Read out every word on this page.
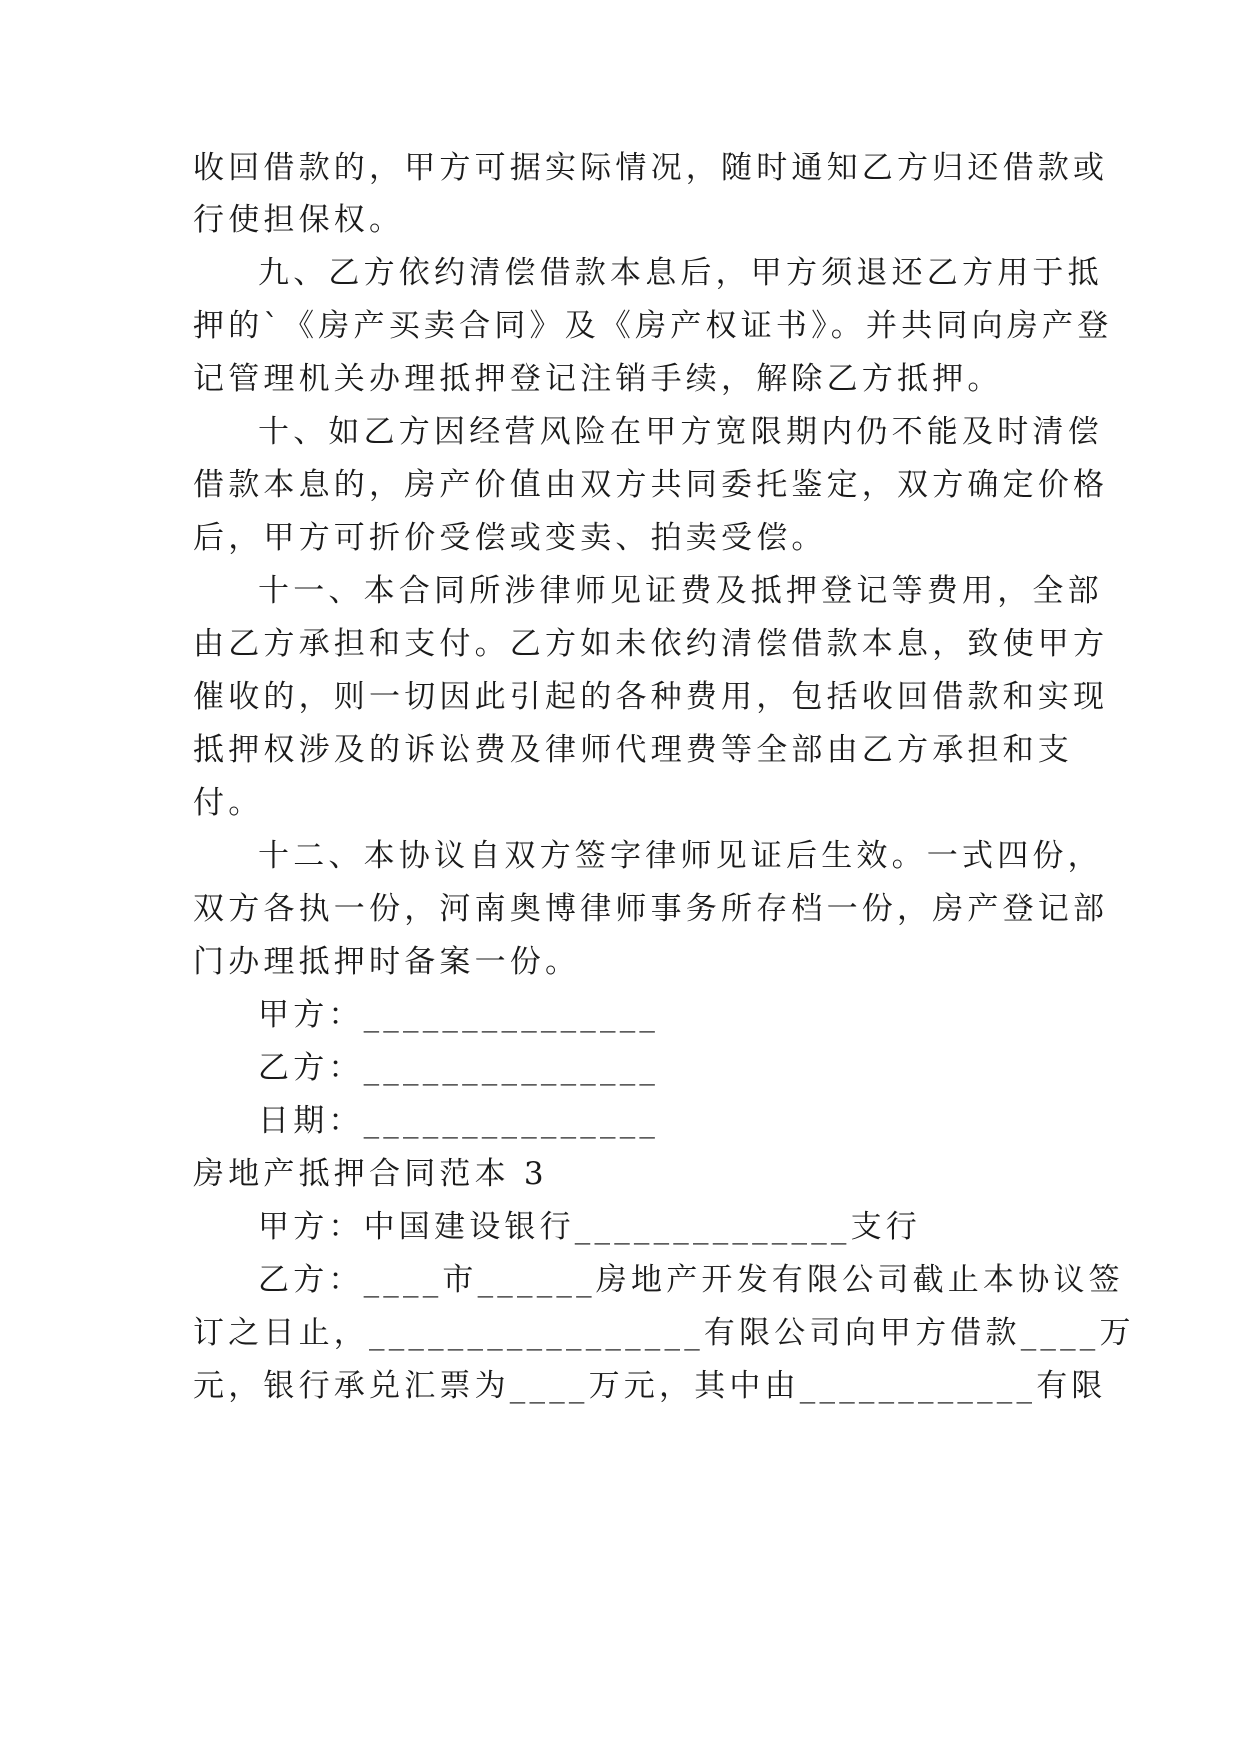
收回借款的，甲方可据实际情况，随时通知乙方归还借款或
行使担保权。
九、乙方依约清偿借款本息后，甲方须退还乙方用于抵
押的`《房产买卖合同》及《房产权证书》。并共同向房产登
记管理机关办理抵押登记注销手续，解除乙方抵押。
十、如乙方因经营风险在甲方宽限期内仍不能及时清偿
借款本息的，房产价值由双方共同委托鉴定，双方确定价格
后，甲方可折价受偿或变卖、拍卖受偿。
十一、本合同所涉律师见证费及抵押登记等费用，全部
由乙方承担和支付。乙方如未依约清偿借款本息，致使甲方
催收的，则一切因此引起的各种费用，包括收回借款和实现
抵押权涉及的诉讼费及律师代理费等全部由乙方承担和支
付。
十二、本协议自双方签字律师见证后生效。一式四份，
双方各执一份，河南奥博律师事务所存档一份，房产登记部
门办理抵押时备案一份。
甲方：_______________
乙方：_______________
日期：_______________
房地产抵押合同范本 3
甲方：中国建设银行______________支行
乙方：____市______房地产开发有限公司截止本协议签
订之日止，_________________有限公司向甲方借款____万
元，银行承兑汇票为____万元，其中由____________有限
